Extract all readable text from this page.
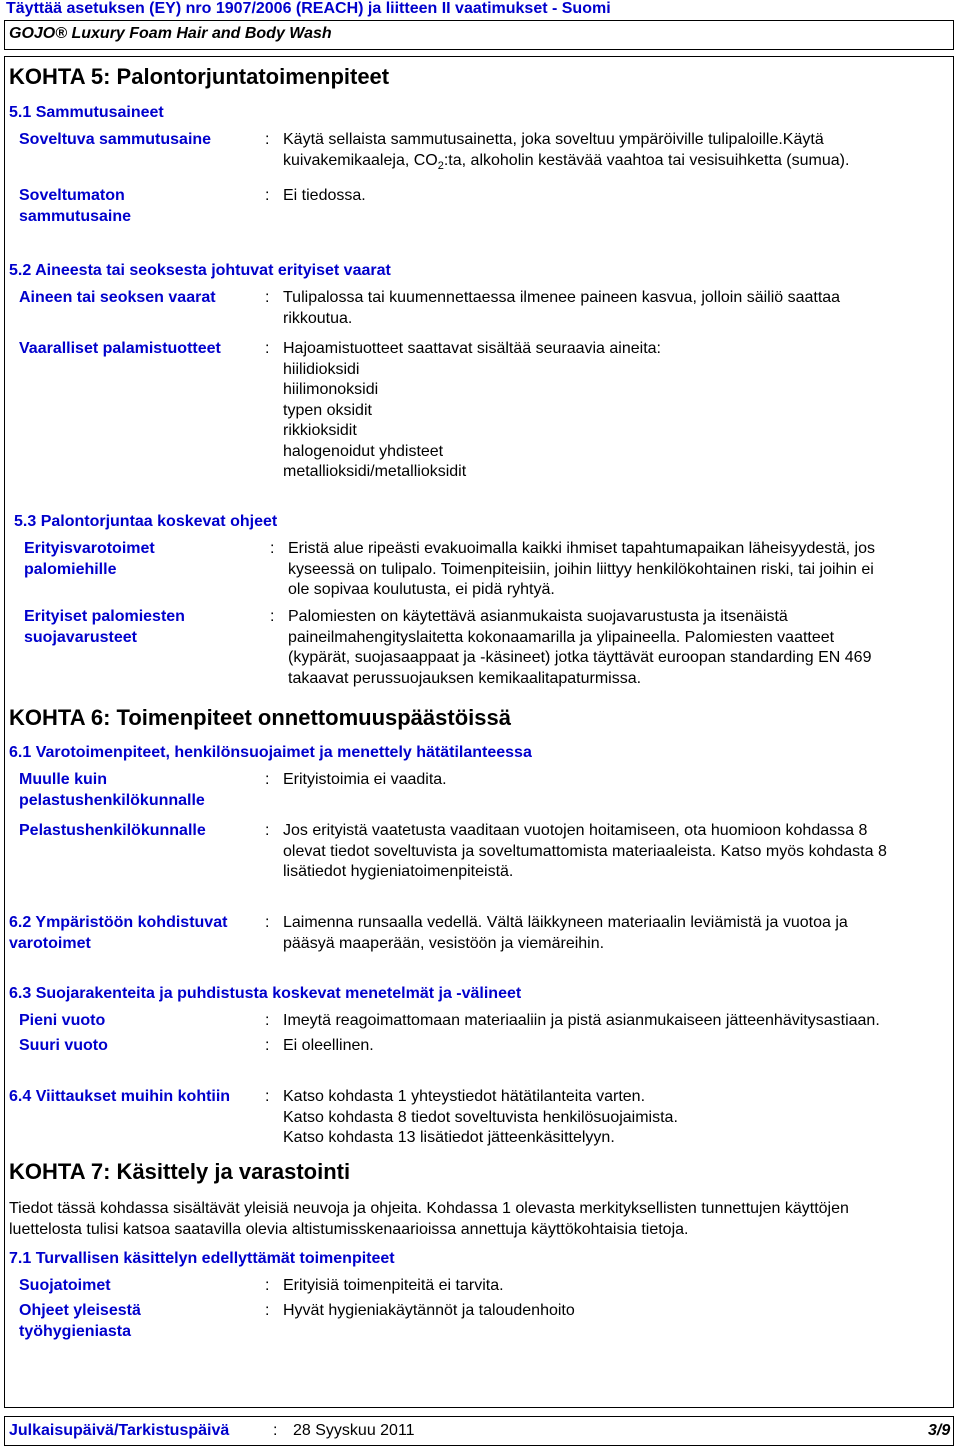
Täyttää asetuksen (EY) nro 1907/2006 (REACH) ja liitteen II vaatimukset - Suomi
GOJO® Luxury Foam Hair and Body Wash
KOHTA 5: Palontorjuntatoimenpiteet
5.1 Sammutusaineet
Soveltuva sammutusaine	: Käytä sellaista sammutusainetta, joka soveltuu ympäröiville tulipaloille.Käytä
kuivakemikaaleja, $CO_2:ta$, alkoholin kestävää vaahtoa tai vesisuihketta (sumua).
Soveltumaton
sammutusaine
: Ei tiedossa.
5.2 Aineesta tai seoksesta johtuvat erityiset vaarat
Aineen tai seoksen vaarat	: Tulipalossa tai kuumennettaessa ilmenee paineen kasvua, jolloin säiliö saattaa
rikkoutua.
Vaaralliset palamistuotteet	: Hajoamistuotteet saattavat sisältää seuraavia aineita:
hiilidioksidi
hiilimonoksidi
typen oksidit
rikkioksidit
halogenoidut yhdisteet
metallioksidi/metallioksidit
5.3 Palontorjuntaa koskevat ohjeet
Erityisvarotoimet
palomiehille
: Eristä alue ripeästi evakuoimalla kaikki ihmiset tapahtumapaikan läheisyydestä, jos
kyseessä on tulipalo. Toimenpiteisiin, joihin liittyy henkilökohtainen riski, tai joihin ei
ole sopivaa koulutusta, ei pidä ryhtyä.
Erityiset palomiesten
suojavarusteet
: Palomiesten on käytettävä asianmukaista suojavarustusta ja itsenäistä
paineilmahengityslaitetta kokonaamarilla ja ylipaineella. Palomiesten vaatteet
(kypärät, suojasaappaat ja -käsineet) jotka täyttävät euroopan standarding EN 469
takaavat perussuojauksen kemikaalitapaturmissa.
KOHTA 6: Toimenpiteet onnettomuuspäästöissä
6.1 Varotoimenpiteet, henkilönsuojaimet ja menettely hätätilanteessa
Muulle kuin
pelastushenkilökunnalle
: Erityistoimia ei vaadita.
Pelastushenkilökunnalle	: Jos erityistä vaatetusta vaaditaan vuotojen hoitamiseen, ota huomioon kohdassa 8
olevat tiedot soveltuvista ja soveltumattomista materiaaleista. Katso myös kohdasta 8
lisätiedot hygieniatoimenpiteistä.
6.2 Ympäristöön kohdistuvat
varotoimet
: Laimenna runsaalla vedellä. Vältä läikkyneen materiaalin leviämistä ja vuotoa ja
pääsyä maaperään, vesistöön ja viemäreihin.
6.3 Suojarakenteita ja puhdistusta koskevat menetelmät ja -välineet
Pieni vuoto	: Imeytä reagoimattomaan materiaaliin ja pistä asianmukaiseen jätteenhävitysastiaan.
Suuri vuoto	: Ei oleellinen.
6.4 Viittaukset muihin kohtiin : Katso kohdasta 1 yhteystiedot hätätilanteita varten.
Katso kohdasta 8 tiedot soveltuvista henkilösuojaimista.
Katso kohdasta 13 lisätiedot jätteenkäsittelyyn.
KOHTA 7: Käsittely ja varastointi
Tiedot tässä kohdassa sisältävät yleisiä neuvoja ja ohjeita. Kohdassa 1 olevasta merkityksellisten tunnettujen käyttöjen
luettelosta tulisi katsoa saatavilla olevia altistumisskenaarioissa annettuja käyttökohtaisia tietoja.
7.1 Turvallisen käsittelyn edellyttämät toimenpiteet
Suojatoimet	: Erityisiä toimenpiteitä ei tarvita.
Ohjeet yleisestä
työhygieniasta
: Hyvät hygieniakäytännöt ja taloudenhoito
Julkaisupäivä/Tarkistuspäivä	: 28 Syyskuu 2011	3/9
